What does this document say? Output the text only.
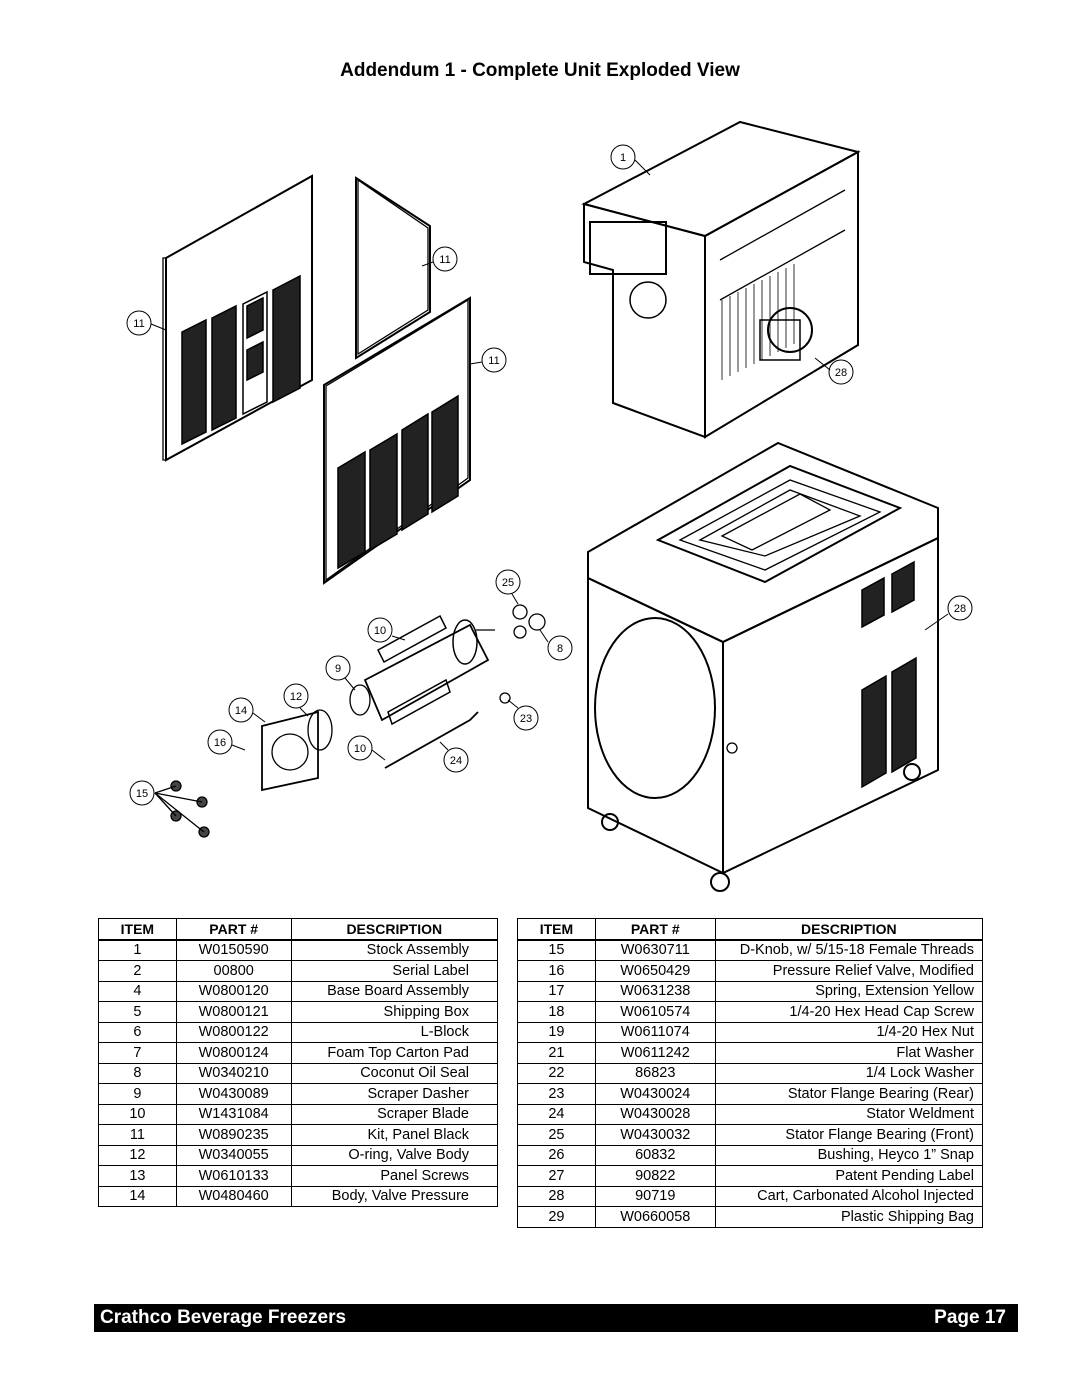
Addendum 1 - Complete Unit Exploded View
1
11
11
11
28
25
10
8
9
12
14
16	10
23
24
15
28
ITEM	PART #	DESCRIPTION
1	W0150590	Stock Assembly
2	00800	Serial Label
4	W0800120	Base Board Assembly
5	W0800121	Shipping Box
6	W0800122	L-Block
7	W0800124	Foam Top Carton Pad
8	W0340210	Coconut Oil Seal
9	W0430089	Scraper Dasher
10	W1431084	Scraper Blade
11	W0890235	Kit, Panel Black
12	W0340055	O-ring, Valve Body
13	W0610133	Panel Screws
14	W0480460	Body, Valve Pressure
ITEM	PART #	DESCRIPTION
15	W0630711	D-Knob, w/ 5/15-18 Female Threads
16	W0650429	Pressure Relief Valve, Modified
17	W0631238	Spring, Extension Yellow
18	W0610574	1/4-20 Hex Head Cap Screw
19	W0611074	1/4-20 Hex Nut
21	W0611242	Flat Washer
22	86823	1/4 Lock Washer
23	W0430024	Stator Flange Bearing (Rear)
24	W0430028	Stator Weldment
25	W0430032	Stator Flange Bearing (Front)
26	60832	Bushing, Heyco 1” Snap
27	90822	Patent Pending Label
28	90719	Cart, Carbonated Alcohol Injected
29	W0660058	Plastic Shipping Bag
Crathco Beverage Freezers	Page 17
